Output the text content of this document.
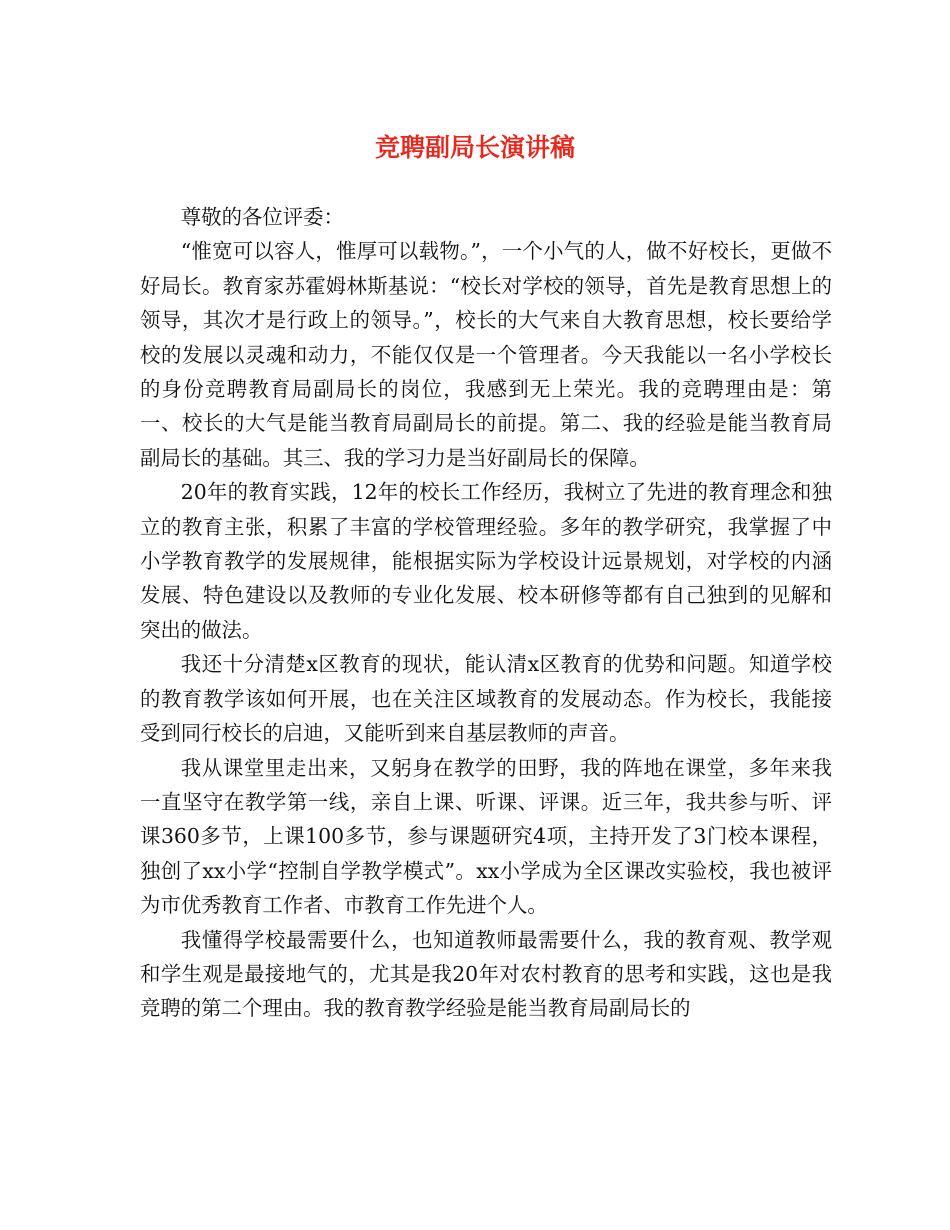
竞聘副局长演讲稿

尊敬的各位评委：

“惟宽可以容人，惟厚可以载物。”，一个小气的人，做不好校长，更做不好局长。教育家苏霍姆林斯基说：“校长对学校的领导，首先是教育思想上的领导，其次才是行政上的领导。”，校长的大气来自大教育思想，校长要给学校的发展以灵魂和动力，不能仅仅是一个管理者。今天我能以一名小学校长的身份竞聘教育局副局长的岗位，我感到无上荣光。我的竞聘理由是：第一、校长的大气是能当教育局副局长的前提。第二、我的经验是能当教育局副局长的基础。其三、我的学习力是当好副局长的保障。

20年的教育实践，12年的校长工作经历，我树立了先进的教育理念和独立的教育主张，积累了丰富的学校管理经验。多年的教学研究，我掌握了中小学教育教学的发展规律，能根据实际为学校设计远景规划，对学校的内涵发展、特色建设以及教师的专业化发展、校本研修等都有自己独到的见解和突出的做法。

我还十分清楚x区教育的现状，能认清x区教育的优势和问题。知道学校的教育教学该如何开展，也在关注区域教育的发展动态。作为校长，我能接受到同行校长的启迪，又能听到来自基层教师的声音。

我从课堂里走出来，又躬身在教学的田野，我的阵地在课堂，多年来我一直坚守在教学第一线，亲自上课、听课、评课。近三年，我共参与听、评课360多节，上课100多节，参与课题研究4项，主持开发了3门校本课程，独创了xx小学“控制自学教学模式”。xx小学成为全区课改实验校，我也被评为市优秀教育工作者、市教育工作先进个人。

我懂得学校最需要什么，也知道教师最需要什么，我的教育观、教学观和学生观是最接地气的，尤其是我20年对农村教育的思考和实践，这也是我竞聘的第二个理由。我的教育教学经验是能当教育局副局长的
